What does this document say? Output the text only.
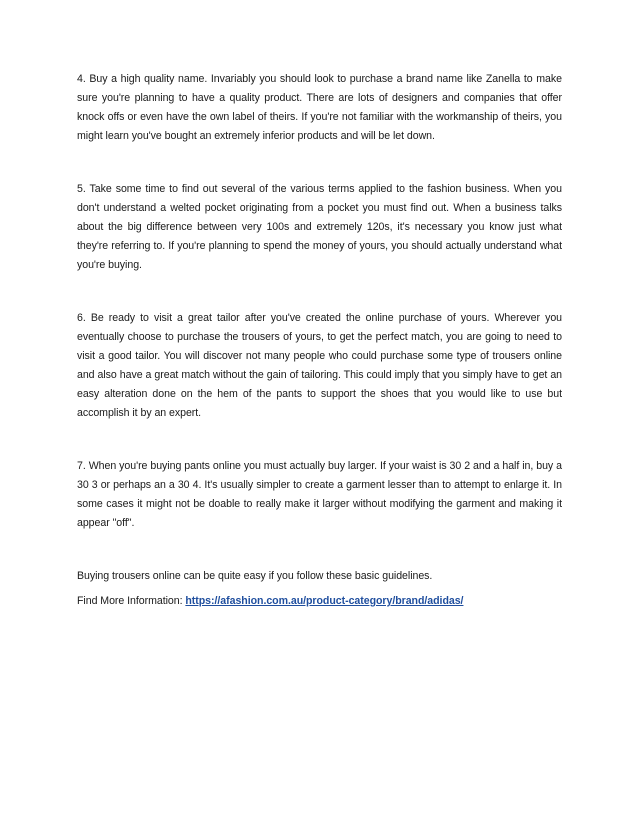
4. Buy a high quality name. Invariably you should look to purchase a brand name like Zanella to make sure you're planning to have a quality product. There are lots of designers and companies that offer knock offs or even have the own label of theirs. If you're not familiar with the workmanship of theirs, you might learn you've bought an extremely inferior products and will be let down.

5. Take some time to find out several of the various terms applied to the fashion business. When you don't understand a welted pocket originating from a pocket you must find out. When a business talks about the big difference between very 100s and extremely 120s, it's necessary you know just what they're referring to. If you're planning to spend the money of yours, you should actually understand what you're buying.

6. Be ready to visit a great tailor after you've created the online purchase of yours. Wherever you eventually choose to purchase the trousers of yours, to get the perfect match, you are going to need to visit a good tailor. You will discover not many people who could purchase some type of trousers online and also have a great match without the gain of tailoring. This could imply that you simply have to get an easy alteration done on the hem of the pants to support the shoes that you would like to use but accomplish it by an expert.

7. When you're buying pants online you must actually buy larger. If your waist is 30 2 and a half in, buy a 30 3 or perhaps an a 30 4. It's usually simpler to create a garment lesser than to attempt to enlarge it. In some cases it might not be doable to really make it larger without modifying the garment and making it appear "off".

Buying trousers online can be quite easy if you follow these basic guidelines.

Find More Information: https://afashion.com.au/product-category/brand/adidas/
